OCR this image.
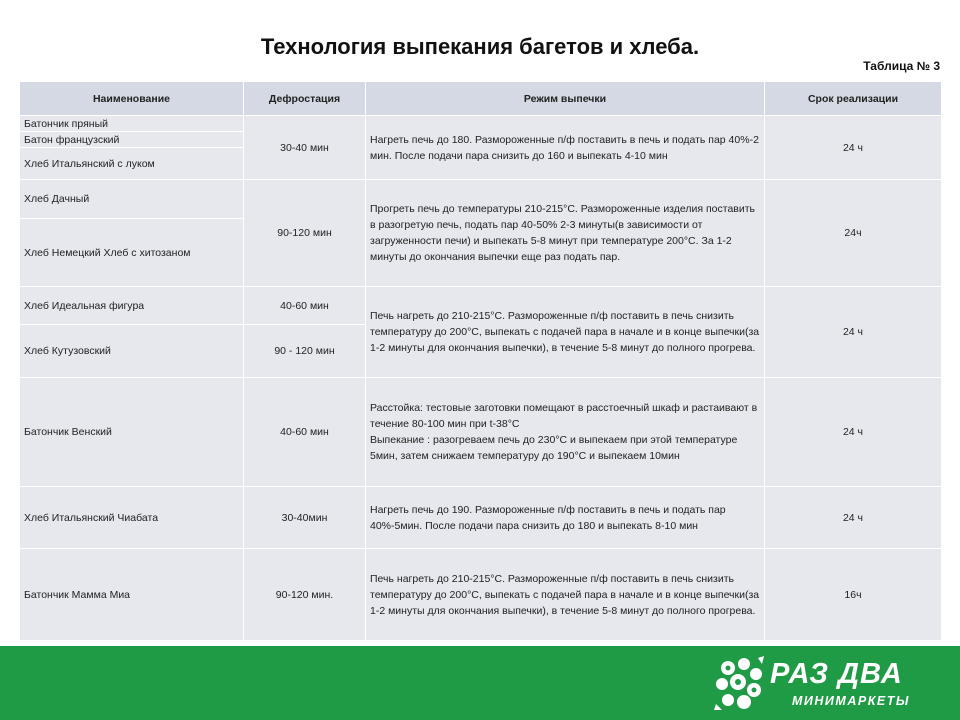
Технология выпекания багетов и хлеба.
Таблица № 3
Наименование	Дефростация	Режим выпечки	Срок реализации
Батончик пряный	30-40 мин	Нагреть печь до 180. Размороженные п/ф поставить в печь и подать пар 40%-2 мин. После подачи пара снизить до 160 и выпекать 4-10 мин	24 ч
Батон французский			
Хлеб Итальянский с луком			
Хлеб Дачный	90-120 мин	Прогреть печь до температуры 210-215°С. Размороженные изделия поставить в разогретую печь, подать пар 40-50% 2-3 минуты(в зависимости от загруженности печи) и выпекать 5-8 минут при температуре 200°С. За 1-2 минуты до окончания выпечки еще раз подать пар.	24ч
Хлеб Немецкий Хлеб с хитозаном			
Хлеб Идеальная фигура	40-60 мин	Печь нагреть до 210-215°С. Размороженные п/ф поставить в печь снизить температуру до 200°С, выпекать с подачей пара в начале и в конце выпечки(за 1-2 минуты для окончания выпечки), в течение 5-8 минут до полного прогрева.	24 ч
Хлеб Кутузовский	90 - 120 мин		
Батончик Венский	40-60 мин	Расстойка: тестовые заготовки помещают в расстоечный шкаф и растаивают в течение 80-100 мин при t-38°С
Выпекание : разогреваем печь до 230°С и выпекаем при этой температуре 5мин, затем снижаем температуру до 190°С и выпекаем 10мин	24 ч
Хлеб Итальянский Чиабата	30-40мин	Нагреть печь до 190. Размороженные п/ф поставить в печь и подать пар 40%-5мин. После подачи пара снизить до 180 и выпекать 8-10 мин	24 ч
Батончик Мамма Миа	90-120 мин.	Печь нагреть до 210-215°С. Размороженные п/ф поставить в печь снизить температуру до 200°С, выпекать с подачей пара в начале и в конце выпечки(за 1-2 минуты для окончания выпечки), в течение 5-8 минут до полного прогрева.	16ч
РАЗ ДВА
МИНИМАРКЕТЫ
